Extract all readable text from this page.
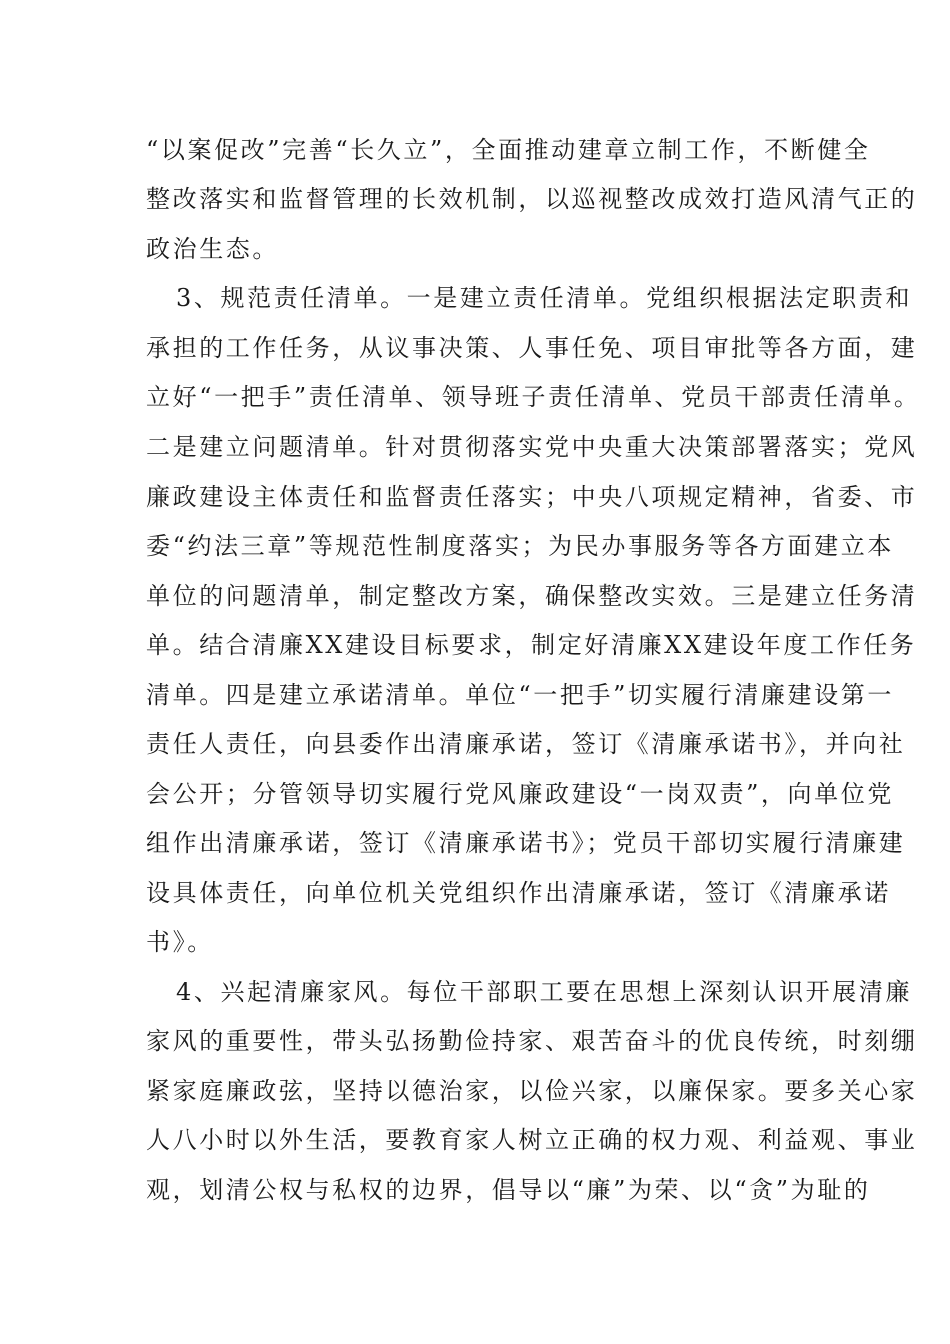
“以案促改”完善“长久立”，全面推动建章立制工作，不断健全
整改落实和监督管理的长效机制，以巡视整改成效打造风清气正的
政治生态。
3、规范责任清单。一是建立责任清单。党组织根据法定职责和
承担的工作任务，从议事决策、人事任免、项目审批等各方面，建
立好“一把手”责任清单、领导班子责任清单、党员干部责任清单。
二是建立问题清单。针对贯彻落实党中央重大决策部署落实；党风
廉政建设主体责任和监督责任落实；中央八项规定精神，省委、市
委“约法三章”等规范性制度落实；为民办事服务等各方面建立本
单位的问题清单，制定整改方案，确保整改实效。三是建立任务清
单。结合清廉XX建设目标要求，制定好清廉XX建设年度工作任务
清单。四是建立承诺清单。单位“一把手”切实履行清廉建设第一
责任人责任，向县委作出清廉承诺，签订《清廉承诺书》，并向社
会公开；分管领导切实履行党风廉政建设“一岗双责”，向单位党
组作出清廉承诺，签订《清廉承诺书》；党员干部切实履行清廉建
设具体责任，向单位机关党组织作出清廉承诺，签订《清廉承诺
书》。
4、兴起清廉家风。每位干部职工要在思想上深刻认识开展清廉
家风的重要性，带头弘扬勤俭持家、艰苦奋斗的优良传统，时刻绷
紧家庭廉政弦，坚持以德治家，以俭兴家，以廉保家。要多关心家
人八小时以外生活，要教育家人树立正确的权力观、利益观、事业
观，划清公权与私权的边界，倡导以“廉”为荣、以“贪”为耻的
